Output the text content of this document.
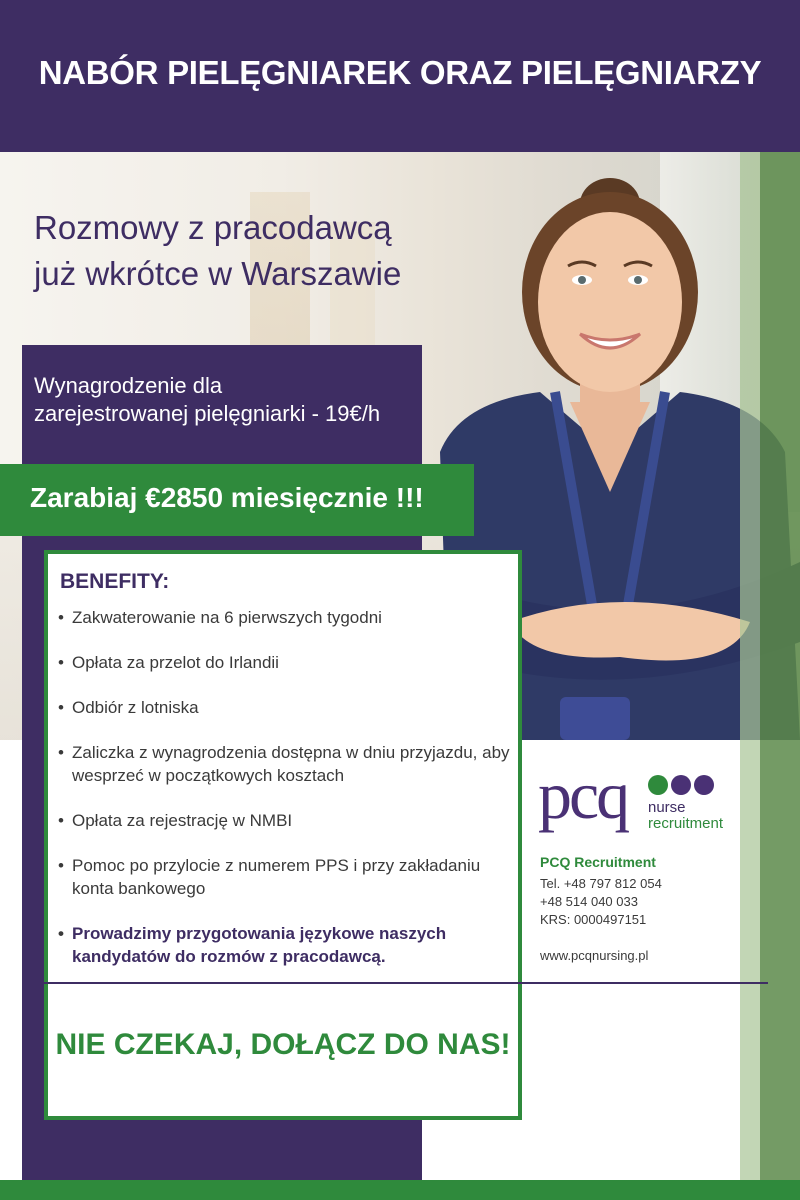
NABÓR PIELĘGNIAREK ORAZ PIELĘGNIARZY
Rozmowy z pracodawcą
już wkrótce w Warszawie
Wynagrodzenie dla
zarejestrowanej pielęgniarki - 19€/h
Zarabiaj €2850 miesięcznie !!!
BENEFITY:
• Zakwaterowanie na 6 pierwszych tygodni
• Opłata za przelot do Irlandii
• Odbiór z lotniska
• Zaliczka z wynagrodzenia dostępna w dniu przyjazdu, aby wesprzeć w początkowych kosztach
• Opłata za rejestrację w NMBI
• Pomoc po przylocie z numerem PPS i przy zakładaniu konta bankowego
• Prowadzimy przygotowania językowe naszych kandydatów do rozmów z pracodawcą.
NIE CZEKAJ, DOŁĄCZ DO NAS!
pcq nurse
recruitment
PCQ Recruitment
Tel. +48 797 812 054
+48 514 040 033
KRS: 0000497151
www.pcqnursing.pl
